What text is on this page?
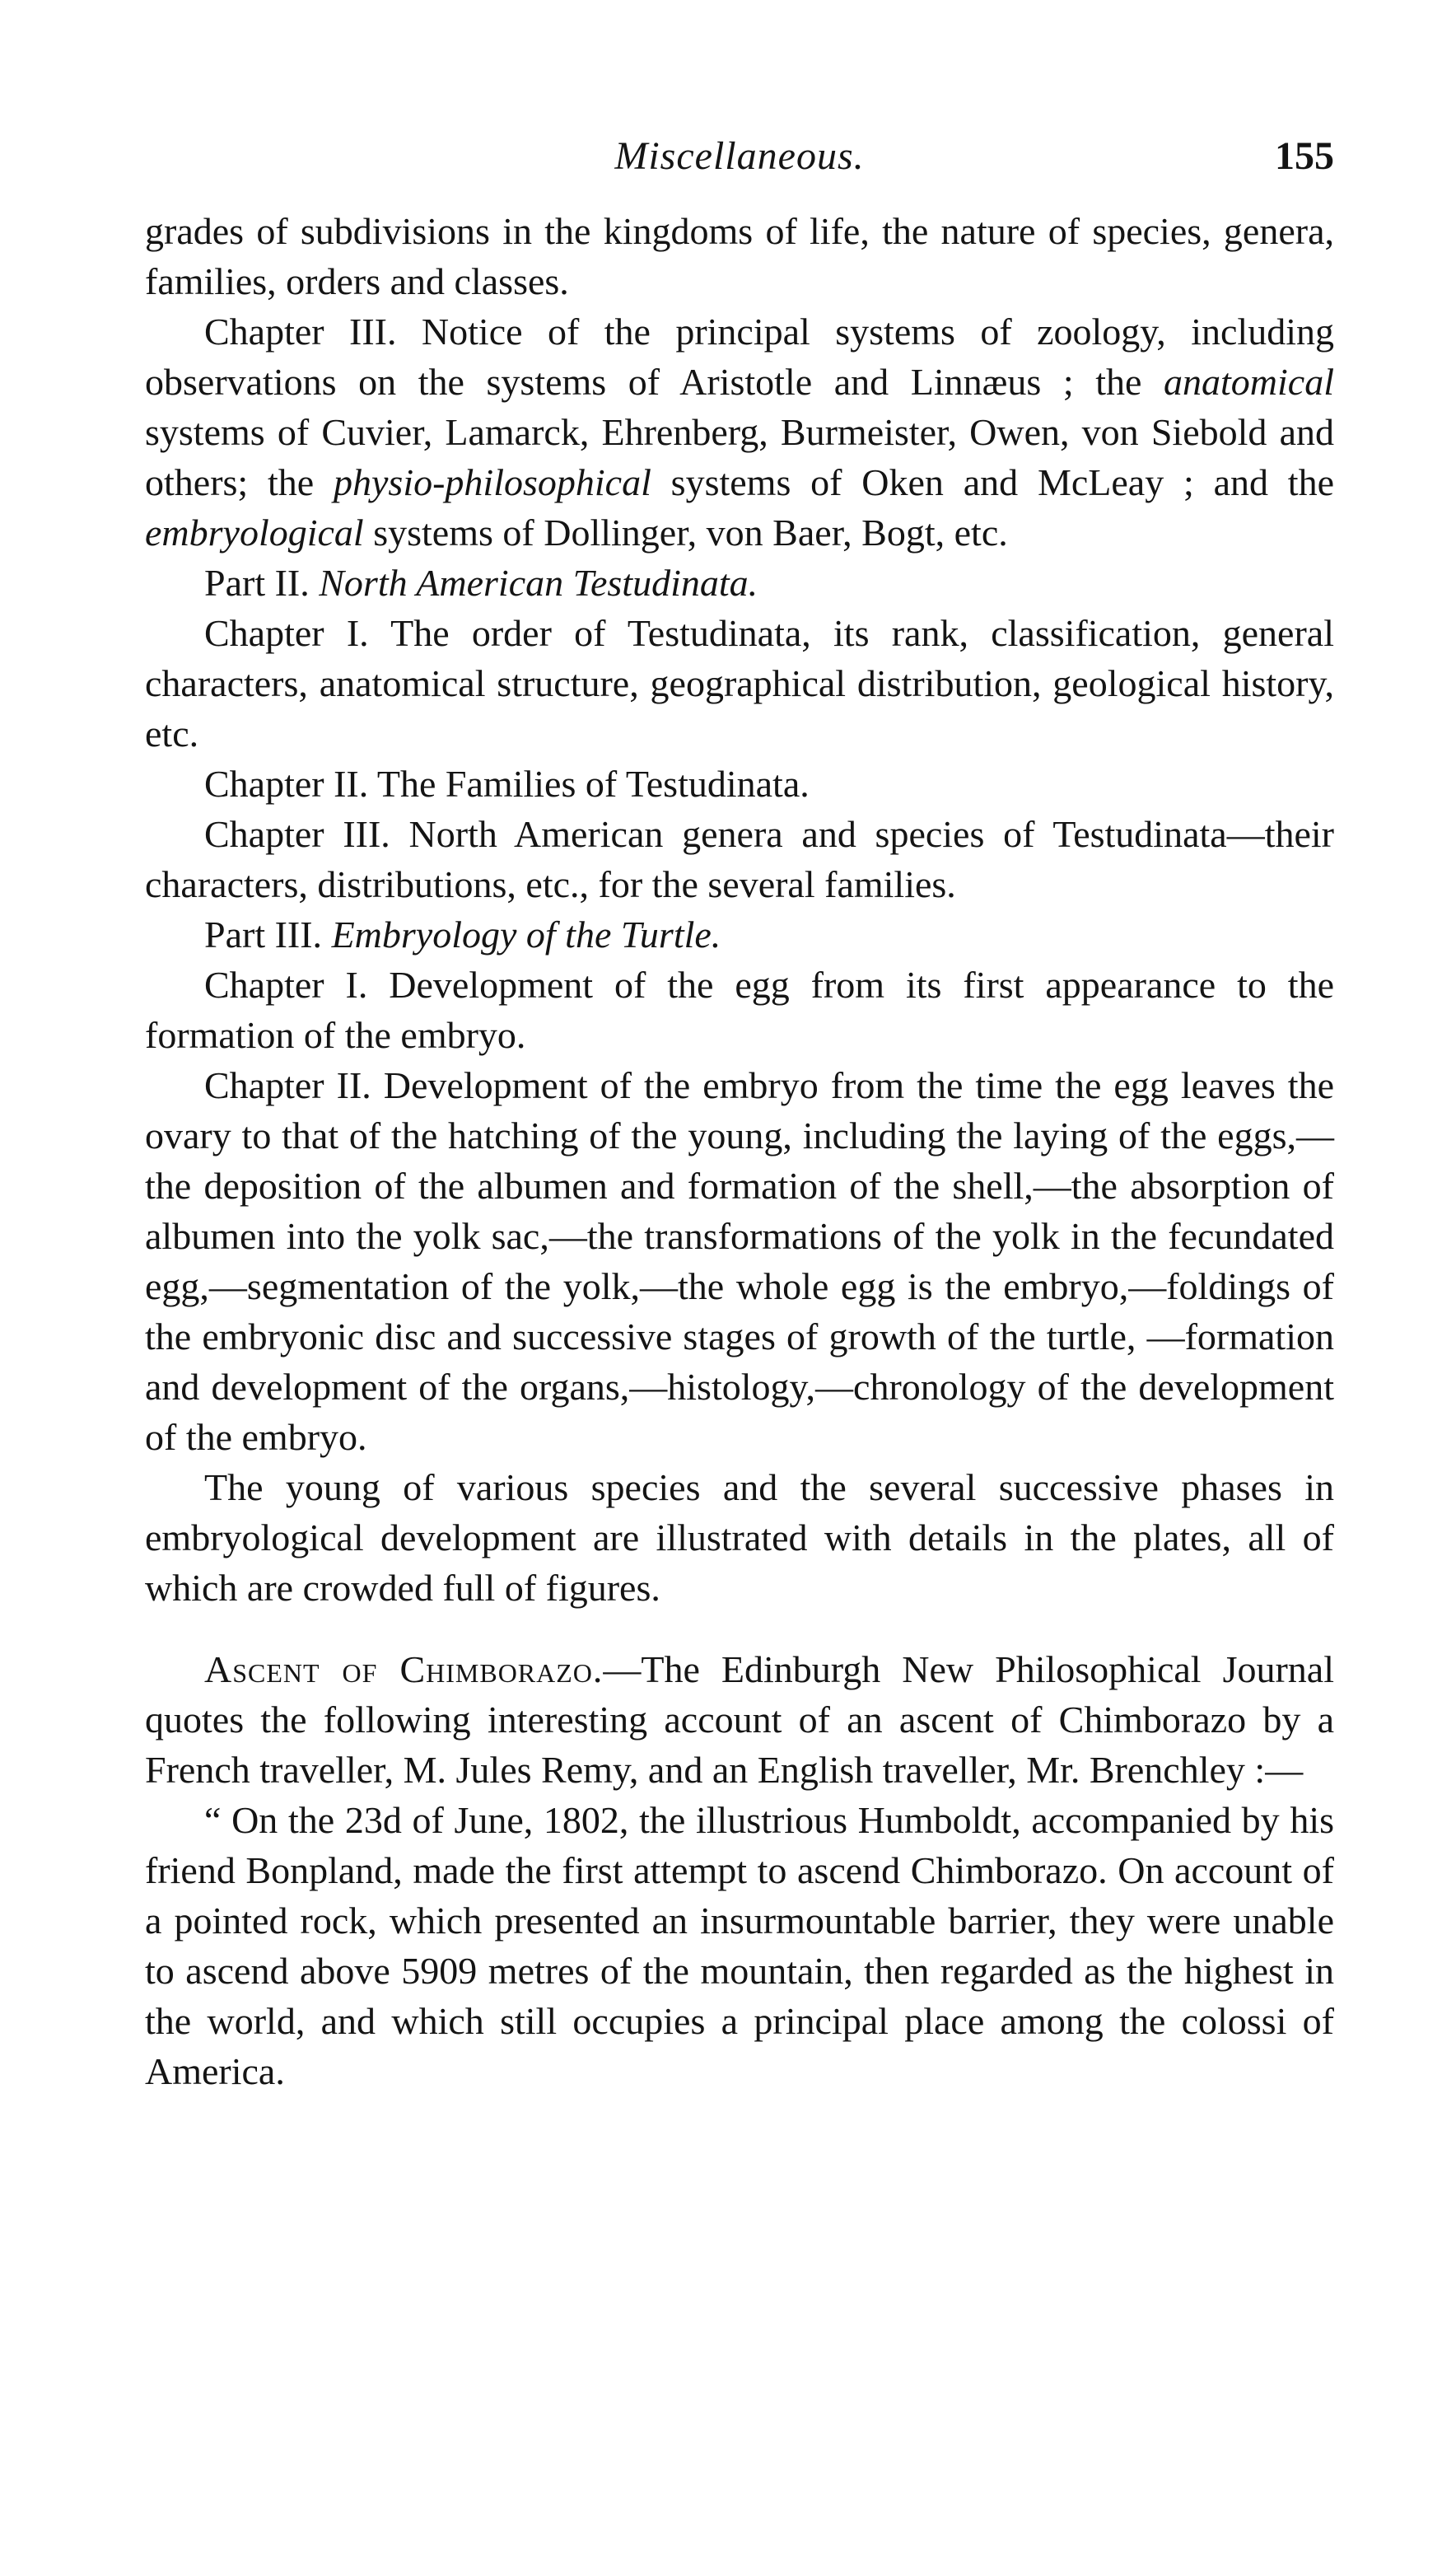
Miscellaneous.	155

grades of subdivisions in the kingdoms of life, the nature of species, genera, families, orders and classes.

Chapter III. Notice of the principal systems of zoology, including observations on the systems of Aristotle and Linnæus ; the anatomical systems of Cuvier, Lamarck, Ehrenberg, Burmeister, Owen, von Siebold and others; the physio-philosophical systems of Oken and McLeay ; and the embryological systems of Dollinger, von Baer, Bogt, etc.

Part II. North American Testudinata.

Chapter I. The order of Testudinata, its rank, classification, general characters, anatomical structure, geographical distribution, geological history, etc.

Chapter II. The Families of Testudinata.

Chapter III. North American genera and species of Testudinata—their characters, distributions, etc., for the several families.

Part III. Embryology of the Turtle.

Chapter I. Development of the egg from its first appearance to the formation of the embryo.

Chapter II. Development of the embryo from the time the egg leaves the ovary to that of the hatching of the young, including the laying of the eggs,—the deposition of the albumen and formation of the shell,—the absorption of albumen into the yolk sac,—the transformations of the yolk in the fecundated egg,—segmentation of the yolk,—the whole egg is the embryo,—foldings of the embryonic disc and successive stages of growth of the turtle, —formation and development of the organs,—histology,—chronology of the development of the embryo.

The young of various species and the several successive phases in embryological development are illustrated with details in the plates, all of which are crowded full of figures.

Ascent of Chimborazo.—The Edinburgh New Philosophical Journal quotes the following interesting account of an ascent of Chimborazo by a French traveller, M. Jules Remy, and an English traveller, Mr. Brenchley :—

“ On the 23d of June, 1802, the illustrious Humboldt, accompanied by his friend Bonpland, made the first attempt to ascend Chimborazo. On account of a pointed rock, which presented an insurmountable barrier, they were unable to ascend above 5909 metres of the mountain, then regarded as the highest in the world, and which still occupies a principal place among the colossi of America.
